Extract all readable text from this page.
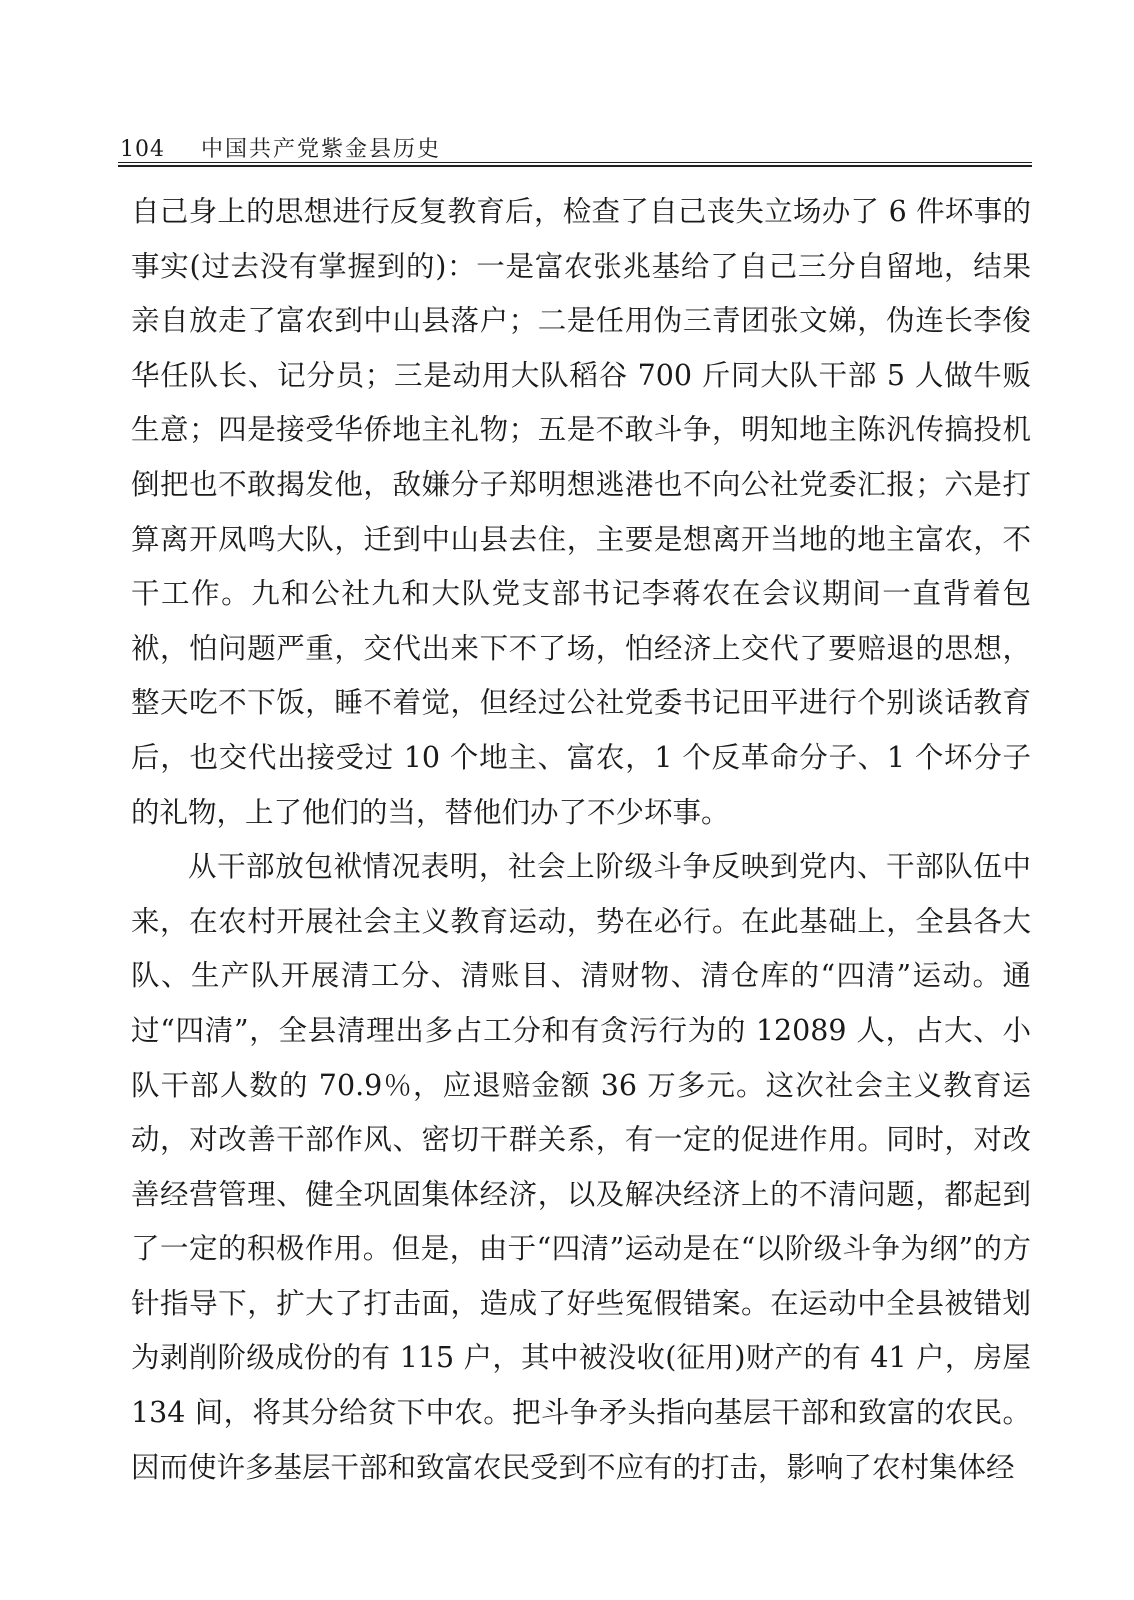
104 中国共产党紫金县历史

自己身上的思想进行反复教育后，检查了自己丧失立场办了 6 件坏事的事实(过去没有掌握到的)：一是富农张兆基给了自己三分自留地，结果亲自放走了富农到中山县落户；二是任用伪三青团张文娣，伪连长李俊华任队长、记分员；三是动用大队稻谷 700 斤同大队干部 5 人做牛贩生意；四是接受华侨地主礼物；五是不敢斗争，明知地主陈汎传搞投机倒把也不敢揭发他，敌嫌分子郑明想逃港也不向公社党委汇报；六是打算离开凤鸣大队，迁到中山县去住，主要是想离开当地的地主富农，不干工作。九和公社九和大队党支部书记李蒋农在会议期间一直背着包袱，怕问题严重，交代出来下不了场，怕经济上交代了要赔退的思想，整天吃不下饭，睡不着觉，但经过公社党委书记田平进行个别谈话教育后，也交代出接受过 10 个地主、富农，1 个反革命分子、1 个坏分子的礼物，上了他们的当，替他们办了不少坏事。

从干部放包袱情况表明，社会上阶级斗争反映到党内、干部队伍中来，在农村开展社会主义教育运动，势在必行。在此基础上，全县各大队、生产队开展清工分、清账目、清财物、清仓库的“四清”运动。通过“四清”，全县清理出多占工分和有贪污行为的 12089 人，占大、小队干部人数的 70.9％，应退赔金额 36 万多元。这次社会主义教育运动，对改善干部作风、密切干群关系，有一定的促进作用。同时，对改善经营管理、健全巩固集体经济，以及解决经济上的不清问题，都起到了一定的积极作用。但是，由于“四清”运动是在“以阶级斗争为纲”的方针指导下，扩大了打击面，造成了好些冤假错案。在运动中全县被错划为剥削阶级成份的有 115 户，其中被没收(征用)财产的有 41 户，房屋 134 间，将其分给贫下中农。把斗争矛头指向基层干部和致富的农民。因而使许多基层干部和致富农民受到不应有的打击，影响了农村集体经
